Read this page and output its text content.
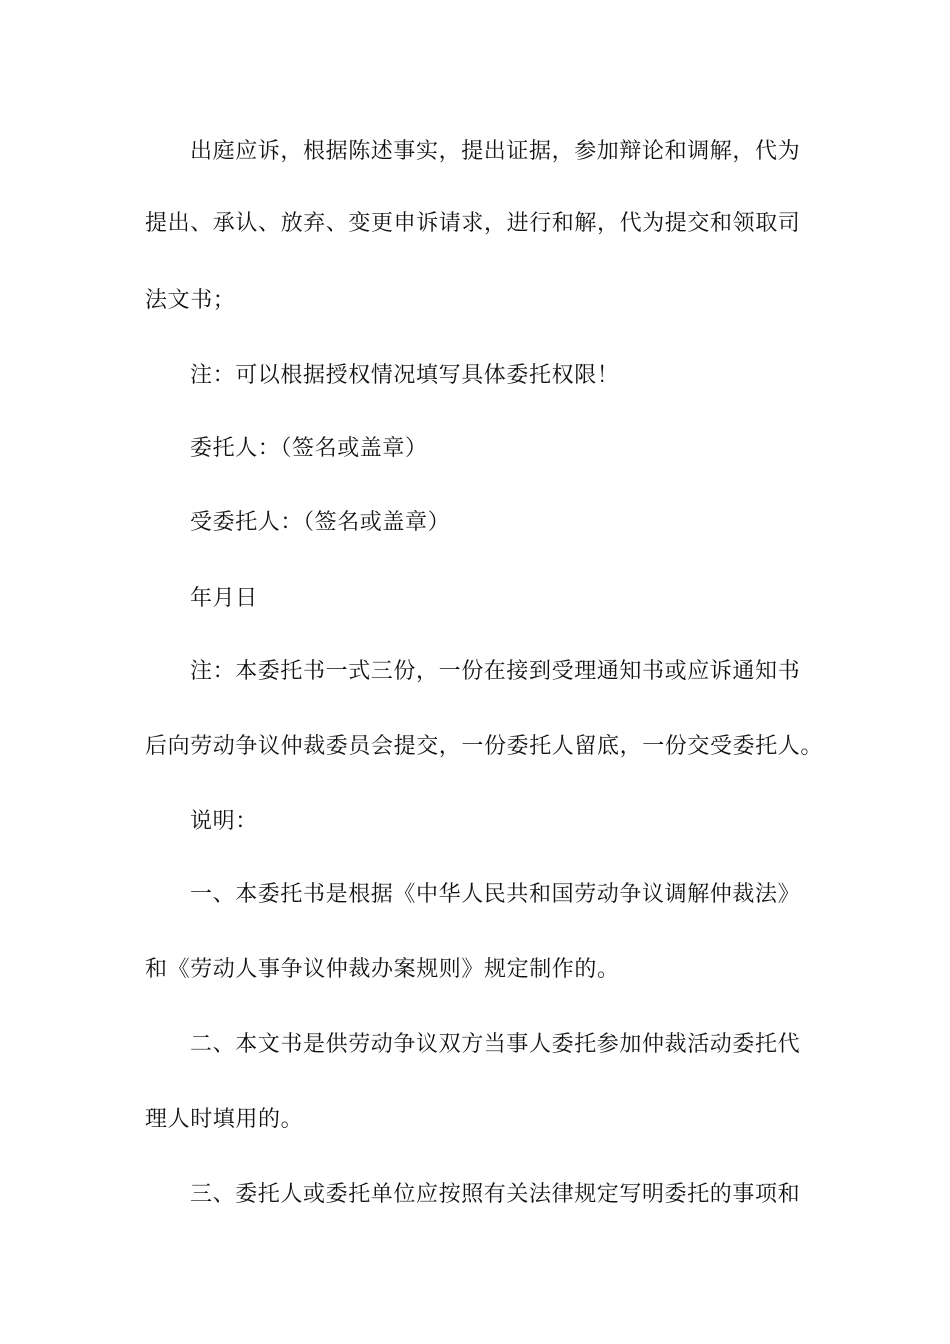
出庭应诉，根据陈述事实，提出证据，参加辩论和调解，代为

提出、承认、放弃、变更申诉请求，进行和解，代为提交和领取司

法文书；

注：可以根据授权情况填写具体委托权限！

委托人：（签名或盖章）

受委托人：（签名或盖章）

年月日

注：本委托书一式三份，一份在接到受理通知书或应诉通知书

后向劳动争议仲裁委员会提交，一份委托人留底，一份交受委托人。

说明：

一、本委托书是根据《中华人民共和国劳动争议调解仲裁法》

和《劳动人事争议仲裁办案规则》规定制作的。

二、本文书是供劳动争议双方当事人委托参加仲裁活动委托代

理人时填用的。

三、委托人或委托单位应按照有关法律规定写明委托的事项和
